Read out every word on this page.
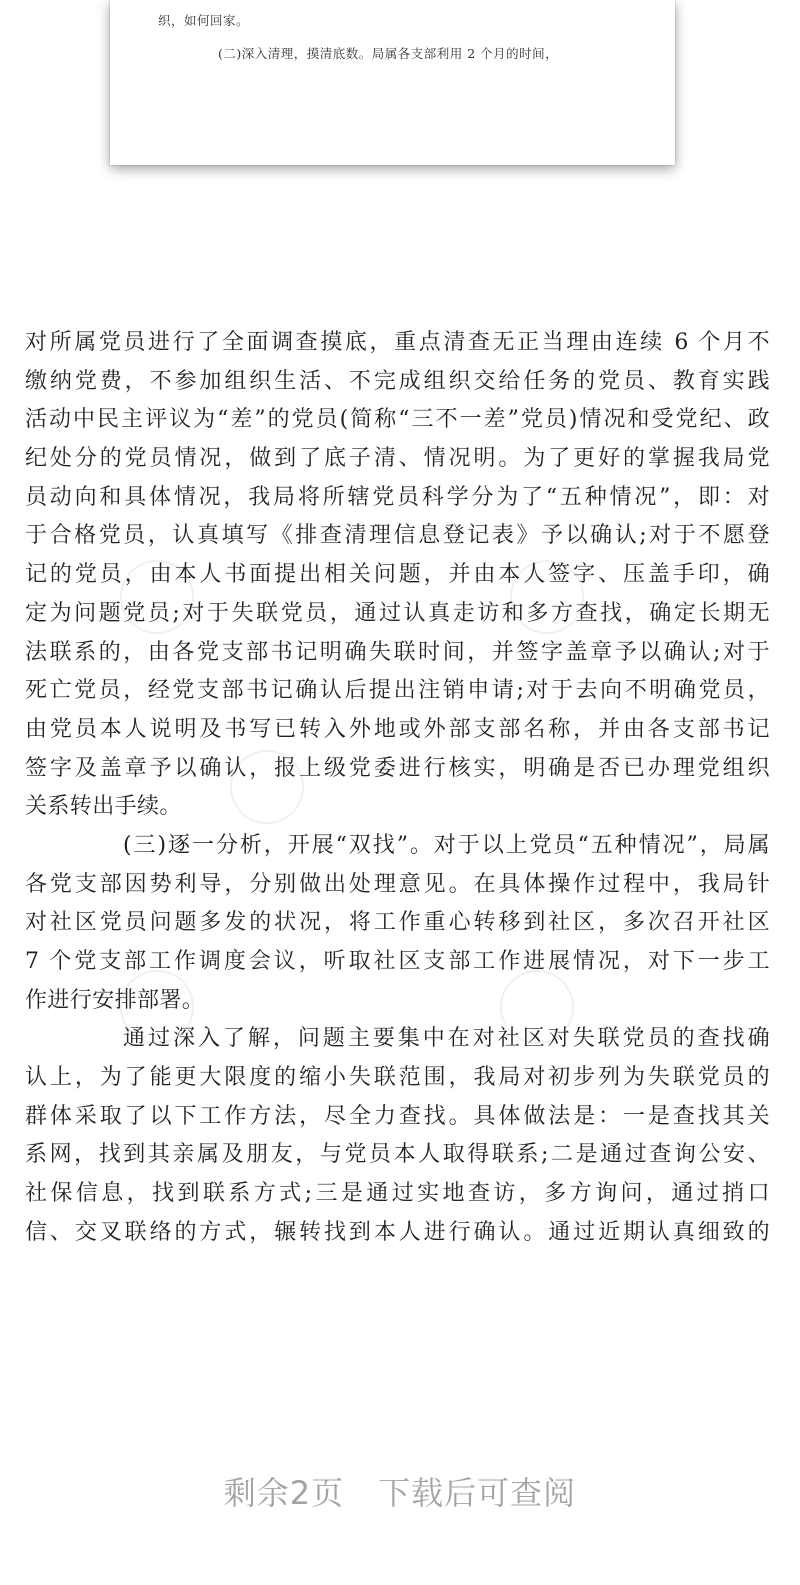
织，如何回家。
(二)深入清理，摸清底数。局属各支部利用 2 个月的时间，
对所属党员进行了全面调查摸底，重点清查无正当理由连续 6 个月不
缴纳党费，不参加组织生活、不完成组织交给任务的党员、教育实践
活动中民主评议为“差”的党员(简称“三不一差”党员)情况和受党纪、政
纪处分的党员情况，做到了底子清、情况明。为了更好的掌握我局党
员动向和具体情况，我局将所辖党员科学分为了“五种情况”，即：对
于合格党员，认真填写《排查清理信息登记表》予以确认;对于不愿登
记的党员，由本人书面提出相关问题，并由本人签字、压盖手印，确
定为问题党员;对于失联党员，通过认真走访和多方查找，确定长期无
法联系的，由各党支部书记明确失联时间，并签字盖章予以确认;对于
死亡党员，经党支部书记确认后提出注销申请;对于去向不明确党员，
由党员本人说明及书写已转入外地或外部支部名称，并由各支部书记
签字及盖章予以确认，报上级党委进行核实，明确是否已办理党组织
关系转出手续。
(三)逐一分析，开展“双找”。对于以上党员“五种情况”，局属
各党支部因势利导，分别做出处理意见。在具体操作过程中，我局针
对社区党员问题多发的状况，将工作重心转移到社区，多次召开社区
7 个党支部工作调度会议，听取社区支部工作进展情况，对下一步工
作进行安排部署。
通过深入了解，问题主要集中在对社区对失联党员的查找确
认上，为了能更大限度的缩小失联范围，我局对初步列为失联党员的
群体采取了以下工作方法，尽全力查找。具体做法是：一是查找其关
系网，找到其亲属及朋友，与党员本人取得联系;二是通过查询公安、
社保信息，找到联系方式;三是通过实地查访，多方询问，通过捎口
信、交叉联络的方式，辗转找到本人进行确认。通过近期认真细致的
剩余2页 下载后可查阅
